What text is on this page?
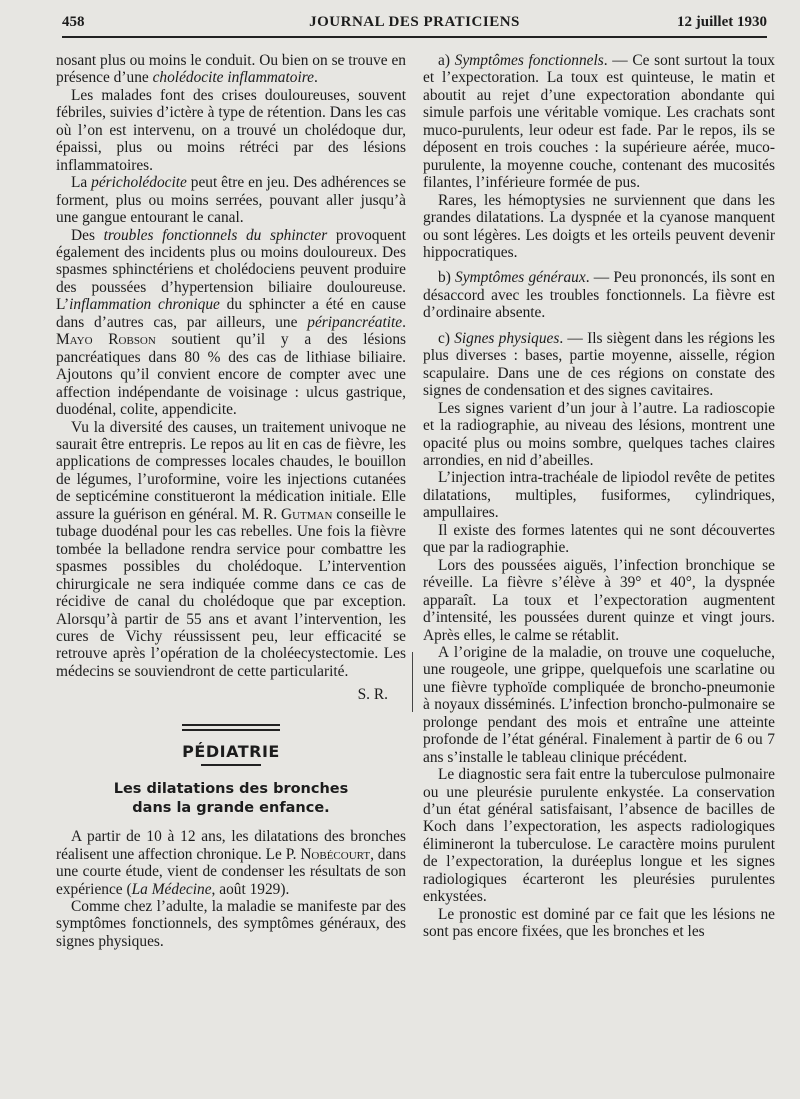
458	JOURNAL DES PRATICIENS	12 juillet 1930

nosant plus ou moins le conduit. Ou bien on se trouve en présence d’une cholédocite inflammatoire.

Les malades font des crises douloureuses, souvent fébriles, suivies d’ictère à type de rétention. Dans les cas où l’on est intervenu, on a trouvé un cholédoque dur, épaissi, plus ou moins rétréci par des lésions inflammatoires.

La péricholédocite peut être en jeu. Des adhérences se forment, plus ou moins serrées, pouvant aller jusqu’à une gangue entourant le canal.

Des troubles fonctionnels du sphincter provoquent également des incidents plus ou moins douloureux. Des spasmes sphinctériens et cholédociens peuvent produire des poussées d’hypertension biliaire douloureuse. L’inflammation chronique du sphincter a été en cause dans d’autres cas, par ailleurs, une péripancréatite. Mayo Robson soutient qu’il y a des lésions pancréatiques dans 80 % des cas de lithiase biliaire. Ajoutons qu’il convient encore de compter avec une affection indépendante de voisinage : ulcus gastrique, duodénal, colite, appendicite.

Vu la diversité des causes, un traitement univoque ne saurait être entrepris. Le repos au lit en cas de fièvre, les applications de compresses locales chaudes, le bouillon de légumes, l’uroformine, voire les injections cutanées de septicémine constitueront la médication initiale. Elle assure la guérison en général. M. R. Gutman conseille le tubage duodénal pour les cas rebelles. Une fois la fièvre tombée la belladone rendra service pour combattre les spasmes possibles du cholédoque. L’intervention chirurgicale ne sera indiquée comme dans ce cas de récidive de canal du cholédoque que par exception. Alorsqu’à partir de 55 ans et avant l’intervention, les cures de Vichy réussissent peu, leur efficacité se retrouve après l’opération de la choléecystectomie. Les médecins se souviendront de cette particularité.

S. R.

PÉDIATRIE
Les dilatations des bronches
dans la grande enfance.

A partir de 10 à 12 ans, les dilatations des bronches réalisent une affection chronique. Le P. Nobécourt, dans une courte étude, vient de condenser les résultats de son expérience (La Médecine, août 1929).

Comme chez l’adulte, la maladie se manifeste par des symptômes fonctionnels, des symptômes généraux, des signes physiques.

a) Symptômes fonctionnels. — Ce sont surtout la toux et l’expectoration. La toux est quinteuse, le matin et aboutit au rejet d’une expectoration abondante qui simule parfois une véritable vomique. Les crachats sont muco-purulents, leur odeur est fade. Par le repos, ils se déposent en trois couches : la supérieure aérée, muco-purulente, la moyenne couche, contenant des mucosités filantes, l’inférieure formée de pus.

Rares, les hémoptysies ne surviennent que dans les grandes dilatations. La dyspnée et la cyanose manquent ou sont légères. Les doigts et les orteils peuvent devenir hippocratiques.

b) Symptômes généraux. — Peu prononcés, ils sont en désaccord avec les troubles fonctionnels. La fièvre est d’ordinaire absente.

c) Signes physiques. — Ils siègent dans les régions les plus diverses : bases, partie moyenne, aisselle, région scapulaire. Dans une de ces régions on constate des signes de condensation et des signes cavitaires.

Les signes varient d’un jour à l’autre. La radioscopie et la radiographie, au niveau des lésions, montrent une opacité plus ou moins sombre, quelques taches claires arrondies, en nid d’abeilles.

L’injection intra-trachéale de lipiodol revête de petites dilatations, multiples, fusiformes, cylindriques, ampullaires.

Il existe des formes latentes qui ne sont découvertes que par la radiographie.

Lors des poussées aiguës, l’infection bronchique se réveille. La fièvre s’élève à 39° et 40°, la dyspnée apparaît. La toux et l’expectoration augmentent d’intensité, les poussées durent quinze et vingt jours. Après elles, le calme se rétablit.

A l’origine de la maladie, on trouve une coqueluche, une rougeole, une grippe, quelquefois une scarlatine ou une fièvre typhoïde compliquée de broncho-pneumonie à noyaux disséminés. L’infection broncho-pulmonaire se prolonge pendant des mois et entraîne une atteinte profonde de l’état général. Finalement à partir de 6 ou 7 ans s’installe le tableau clinique précédent.

Le diagnostic sera fait entre la tuberculose pulmonaire ou une pleurésie purulente enkystée. La conservation d’un état général satisfaisant, l’absence de bacilles de Koch dans l’expectoration, les aspects radiologiques élimineront la tuberculose. Le caractère moins purulent de l’expectoration, la duréeplus longue et les signes radiologiques écarteront les pleurésies purulentes enkystées.

Le pronostic est dominé par ce fait que les lésions ne sont pas encore fixées, que les bronches et les
